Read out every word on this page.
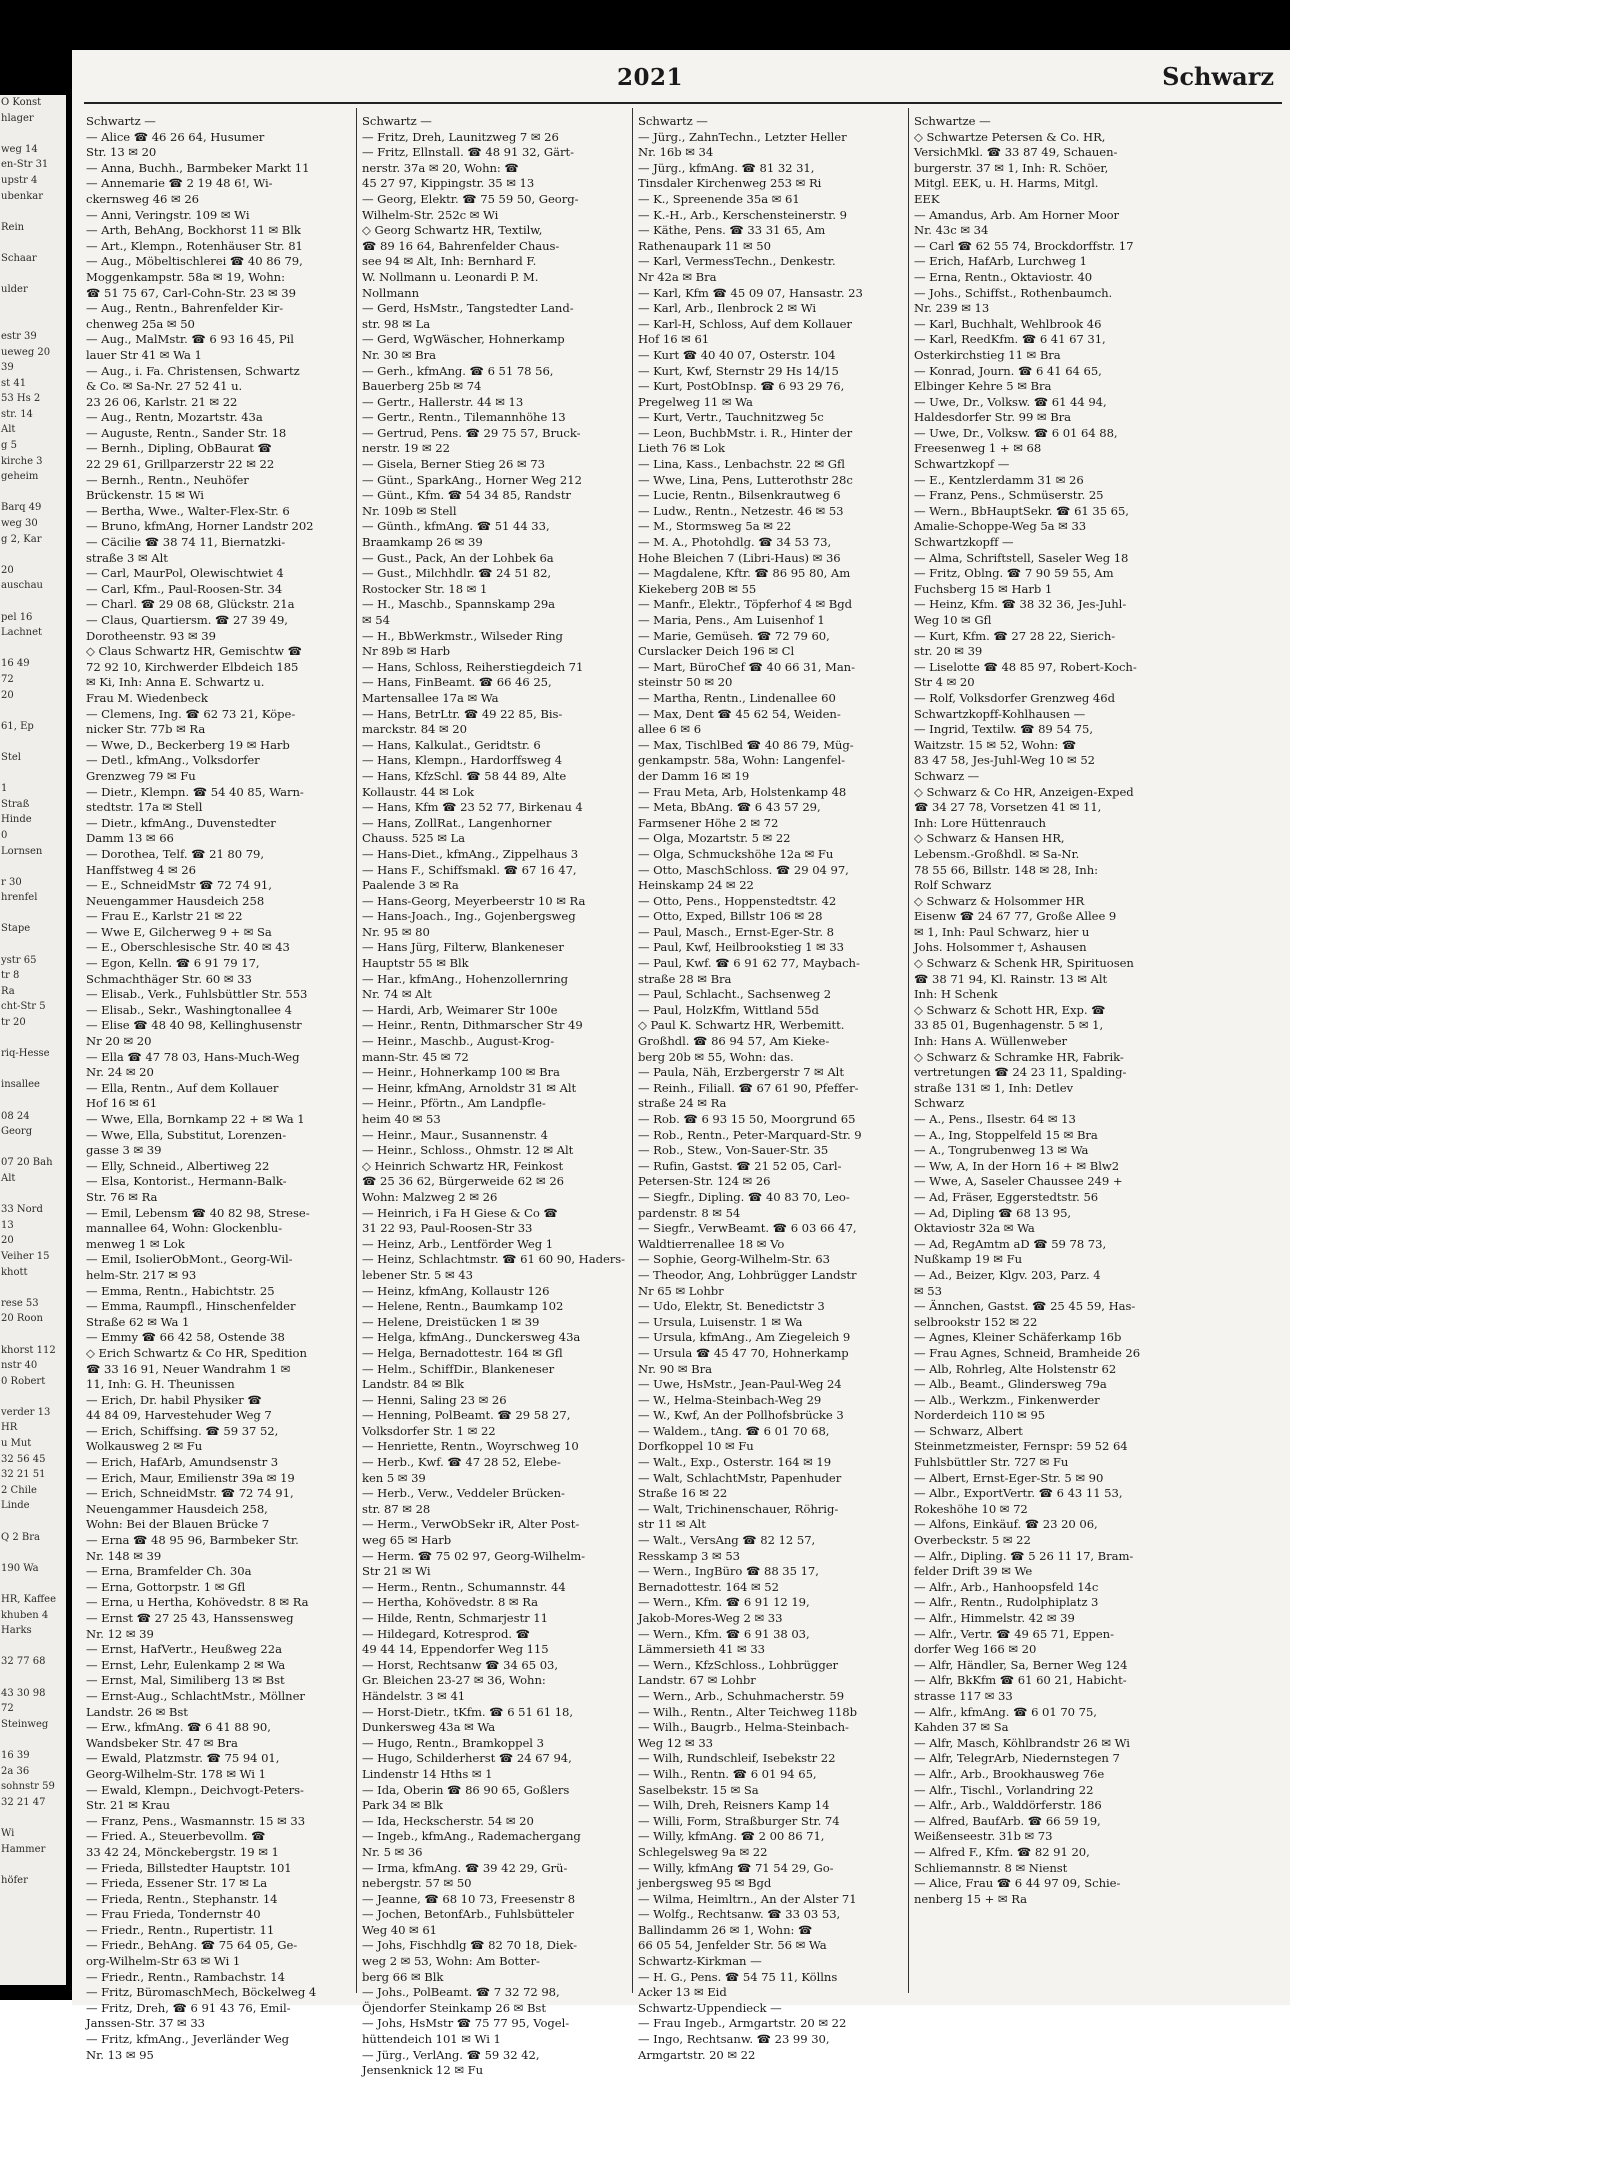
O Konst
hlager

weg 14
en-Str 31
upstr 4
ubenkar

Rein

Schaar

ulder

estr 39
ueweg 20
39
st 41
53 Hs 2
str. 14
Alt
g 5
kirche 3
geheim

Barq 49
weg 30
g 2, Kar

20
auschau

pel 16
Lachnet

16 49
72
20

61, Ep

Stel

1
Straß
Hinde
0
Lornsen

r 30
hrenfel

Stape

ystr 65
tr 8
Ra
cht-Str 5
tr 20

riq-Hesse

insallee

08 24
Georg

07 20 Bah
Alt

33 Nord
13
20
Veiher 15
khott

rese 53
20 Roon

khorst 112
nstr 40
0 Robert

verder 13
HR
u Mut
32 56 45
32 21 51
2 Chile
Linde

Q 2 Bra

190 Wa

HR, Kaffee
khuben 4
Harks

32 77 68

43 30 98
72
Steinweg

16 39
2a 36
sohnstr 59
32 21 47

Wi
Hammer

höfer
2021	Schwarz
Schwartz —
— Alice ☎ 46 26 64, Husumer
Str. 13 ✉ 20
— Anna, Buchh., Barmbeker Markt 11
— Annemarie ☎ 2 19 48 6!, Wi-
ckernsweg 46 ✉ 26
— Anni, Veringstr. 109 ✉ Wi
— Arth, BehAng, Bockhorst 11 ✉ Blk
— Art., Klempn., Rotenhäuser Str. 81
— Aug., Möbeltischlerei ☎ 40 86 79,
Moggenkampstr. 58a ✉ 19, Wohn:
☎ 51 75 67, Carl-Cohn-Str. 23 ✉ 39
— Aug., Rentn., Bahrenfelder Kir-
chenweg 25a ✉ 50
— Aug., MalMstr. ☎ 6 93 16 45, Pil
lauer Str 41 ✉ Wa 1
— Aug., i. Fa. Christensen, Schwartz
& Co. ✉ Sa-Nr. 27 52 41 u.
23 26 06, Karlstr. 21 ✉ 22
— Aug., Rentn, Mozartstr. 43a
— Auguste, Rentn., Sander Str. 18
— Bernh., Dipling, ObBaurat ☎
22 29 61, Grillparzerstr 22 ✉ 22
— Bernh., Rentn., Neuhöfer
Brückenstr. 15 ✉ Wi
— Bertha, Wwe., Walter-Flex-Str. 6
— Bruno, kfmAng, Horner Landstr 202
— Cäcilie ☎ 38 74 11, Biernatzki-
straße 3 ✉ Alt
— Carl, MaurPol, Olewischtwiet 4
— Carl, Kfm., Paul-Roosen-Str. 34
— Charl. ☎ 29 08 68, Glückstr. 21a
— Claus, Quartiersm. ☎ 27 39 49,
Dorotheenstr. 93 ✉ 39
◇ Claus Schwartz HR, Gemischtw ☎
72 92 10, Kirchwerder Elbdeich 185
✉ Ki, Inh: Anna E. Schwartz u.
Frau M. Wiedenbeck
— Clemens, Ing. ☎ 62 73 21, Köpe-
nicker Str. 77b ✉ Ra
— Wwe, D., Beckerberg 19 ✉ Harb
— Detl., kfmAng., Volksdorfer
Grenzweg 79 ✉ Fu
— Dietr., Klempn. ☎ 54 40 85, Warn-
stedtstr. 17a ✉ Stell
— Dietr., kfmAng., Duvenstedter
Damm 13 ✉ 66
— Dorothea, Telf. ☎ 21 80 79,
Hanffstweg 4 ✉ 26
— E., SchneidMstr ☎ 72 74 91,
Neuengammer Hausdeich 258
— Frau E., Karlstr 21 ✉ 22
— Wwe E, Gilcherweg 9 + ✉ Sa
— E., Oberschlesische Str. 40 ✉ 43
— Egon, Kelln. ☎ 6 91 79 17,
Schmachthäger Str. 60 ✉ 33
— Elisab., Verk., Fuhlsbüttler Str. 553
— Elisab., Sekr., Washingtonallee 4
— Elise ☎ 48 40 98, Kellinghusenstr
Nr 20 ✉ 20
— Ella ☎ 47 78 03, Hans-Much-Weg
Nr. 24 ✉ 20
— Ella, Rentn., Auf dem Kollauer
Hof 16 ✉ 61
— Wwe, Ella, Bornkamp 22 + ✉ Wa 1
— Wwe, Ella, Substitut, Lorenzen-
gasse 3 ✉ 39
— Elly, Schneid., Albertiweg 22
— Elsa, Kontorist., Hermann-Balk-
Str. 76 ✉ Ra
— Emil, Lebensm ☎ 40 82 98, Strese-
mannallee 64, Wohn: Glockenblu-
menweg 1 ✉ Lok
— Emil, IsolierObMont., Georg-Wil-
helm-Str. 217 ✉ 93
— Emma, Rentn., Habichtstr. 25
— Emma, Raumpfl., Hinschenfelder
Straße 62 ✉ Wa 1
— Emmy ☎ 66 42 58, Ostende 38
◇ Erich Schwartz & Co HR, Spedition
☎ 33 16 91, Neuer Wandrahm 1 ✉
11, Inh: G. H. Theunissen
— Erich, Dr. habil Physiker ☎
44 84 09, Harvestehuder Weg 7
— Erich, Schiffsing. ☎ 59 37 52,
Wolkausweg 2 ✉ Fu
— Erich, HafArb, Amundsenstr 3
— Erich, Maur, Emilienstr 39a ✉ 19
— Erich, SchneidMstr. ☎ 72 74 91,
Neuengammer Hausdeich 258,
Wohn: Bei der Blauen Brücke 7
— Erna ☎ 48 95 96, Barmbeker Str.
Nr. 148 ✉ 39
— Erna, Bramfelder Ch. 30a
— Erna, Gottorpstr. 1 ✉ Gfl
— Erna, u Hertha, Kohövedstr. 8 ✉ Ra
— Ernst ☎ 27 25 43, Hanssensweg
Nr. 12 ✉ 39
— Ernst, HafVertr., Heußweg 22a
— Ernst, Lehr, Eulenkamp 2 ✉ Wa
— Ernst, Mal, Similiberg 13 ✉ Bst
— Ernst-Aug., SchlachtMstr., Möllner
Landstr. 26 ✉ Bst
— Erw., kfmAng. ☎ 6 41 88 90,
Wandsbeker Str. 47 ✉ Bra
— Ewald, Platzmstr. ☎ 75 94 01,
Georg-Wilhelm-Str. 178 ✉ Wi 1
— Ewald, Klempn., Deichvogt-Peters-
Str. 21 ✉ Krau
— Franz, Pens., Wasmannstr. 15 ✉ 33
— Fried. A., Steuerbevollm. ☎
33 42 24, Mönckebergstr. 19 ✉ 1
— Frieda, Billstedter Hauptstr. 101
— Frieda, Essener Str. 17 ✉ La
— Frieda, Rentn., Stephanstr. 14
— Frau Frieda, Tondernstr 40
— Friedr., Rentn., Rupertistr. 11
— Friedr., BehAng. ☎ 75 64 05, Ge-
org-Wilhelm-Str 63 ✉ Wi 1
— Friedr., Rentn., Rambachstr. 14
— Fritz, BüromaschMech, Böckelweg 4
— Fritz, Dreh, ☎ 6 91 43 76, Emil-
Janssen-Str. 37 ✉ 33
— Fritz, kfmAng., Jeverländer Weg
Nr. 13 ✉ 95
Schwartz —
— Fritz, Dreh, Launitzweg 7 ✉ 26
— Fritz, Ellnstall. ☎ 48 91 32, Gärt-
nerstr. 37a ✉ 20, Wohn: ☎
45 27 97, Kippingstr. 35 ✉ 13
— Georg, Elektr. ☎ 75 59 50, Georg-
Wilhelm-Str. 252c ✉ Wi
◇ Georg Schwartz HR, Textilw,
☎ 89 16 64, Bahrenfelder Chaus-
see 94 ✉ Alt, Inh: Bernhard F.
W. Nollmann u. Leonardi P. M.
Nollmann
— Gerd, HsMstr., Tangstedter Land-
str. 98 ✉ La
— Gerd, WgWäscher, Hohnerkamp
Nr. 30 ✉ Bra
— Gerh., kfmAng. ☎ 6 51 78 56,
Bauerberg 25b ✉ 74
— Gertr., Hallerstr. 44 ✉ 13
— Gertr., Rentn., Tilemannhöhe 13
— Gertrud, Pens. ☎ 29 75 57, Bruck-
nerstr. 19 ✉ 22
— Gisela, Berner Stieg 26 ✉ 73
— Günt., SparkAng., Horner Weg 212
— Günt., Kfm. ☎ 54 34 85, Randstr
Nr. 109b ✉ Stell
— Günth., kfmAng. ☎ 51 44 33,
Braamkamp 26 ✉ 39
— Gust., Pack, An der Lohbek 6a
— Gust., Milchhdlr. ☎ 24 51 82,
Rostocker Str. 18 ✉ 1
— H., Maschb., Spannskamp 29a
✉ 54
— H., BbWerkmstr., Wilseder Ring
Nr 89b ✉ Harb
— Hans, Schloss, Reiherstiegdeich 71
— Hans, FinBeamt. ☎ 66 46 25,
Martensallee 17a ✉ Wa
— Hans, BetrLtr. ☎ 49 22 85, Bis-
marckstr. 84 ✉ 20
— Hans, Kalkulat., Geridtstr. 6
— Hans, Klempn., Hardorffsweg 4
— Hans, KfzSchl. ☎ 58 44 89, Alte
Kollaustr. 44 ✉ Lok
— Hans, Kfm ☎ 23 52 77, Birkenau 4
— Hans, ZollRat., Langenhorner
Chauss. 525 ✉ La
— Hans-Diet., kfmAng., Zippelhaus 3
— Hans F., Schiffsmakl. ☎ 67 16 47,
Paalende 3 ✉ Ra
— Hans-Georg, Meyerbeerstr 10 ✉ Ra
— Hans-Joach., Ing., Gojenbergsweg
Nr. 95 ✉ 80
— Hans Jürg, Filterw, Blankeneser
Hauptstr 55 ✉ Blk
— Har., kfmAng., Hohenzollernring
Nr. 74 ✉ Alt
— Hardi, Arb, Weimarer Str 100e
— Heinr., Rentn, Dithmarscher Str 49
— Heinr., Maschb., August-Krog-
mann-Str. 45 ✉ 72
— Heinr., Hohnerkamp 100 ✉ Bra
— Heinr, kfmAng, Arnoldstr 31 ✉ Alt
— Heinr., Pförtn., Am Landpfle-
heim 40 ✉ 53
— Heinr., Maur., Susannenstr. 4
— Heinr., Schloss., Ohmstr. 12 ✉ Alt
◇ Heinrich Schwartz HR, Feinkost
☎ 25 36 62, Bürgerweide 62 ✉ 26
Wohn: Malzweg 2 ✉ 26
— Heinrich, i Fa H Giese & Co ☎
31 22 93, Paul-Roosen-Str 33
— Heinz, Arb., Lentförder Weg 1
— Heinz, Schlachtmstr. ☎ 61 60 90, Haders-
lebener Str. 5 ✉ 43
— Heinz, kfmAng, Kollaustr 126
— Helene, Rentn., Baumkamp 102
— Helene, Dreistücken 1 ✉ 39
— Helga, kfmAng., Dunckersweg 43a
— Helga, Bernadottestr. 164 ✉ Gfl
— Helm., SchiffDir., Blankeneser
Landstr. 84 ✉ Blk
— Henni, Saling 23 ✉ 26
— Henning, PolBeamt. ☎ 29 58 27,
Volksdorfer Str. 1 ✉ 22
— Henriette, Rentn., Woyrschweg 10
— Herb., Kwf. ☎ 47 28 52, Elebe-
ken 5 ✉ 39
— Herb., Verw., Veddeler Brücken-
str. 87 ✉ 28
— Herm., VerwObSekr iR, Alter Post-
weg 65 ✉ Harb
— Herm. ☎ 75 02 97, Georg-Wilhelm-
Str 21 ✉ Wi
— Herm., Rentn., Schumannstr. 44
— Hertha, Kohövedstr. 8 ✉ Ra
— Hilde, Rentn, Schmarjestr 11
— Hildegard, Kotresprod. ☎
49 44 14, Eppendorfer Weg 115
— Horst, Rechtsanw ☎ 34 65 03,
Gr. Bleichen 23-27 ✉ 36, Wohn:
Händelstr. 3 ✉ 41
— Horst-Dietr., tKfm. ☎ 6 51 61 18,
Dunkersweg 43a ✉ Wa
— Hugo, Rentn., Bramkoppel 3
— Hugo, Schilderherst ☎ 24 67 94,
Lindenstr 14 Hths ✉ 1
— Ida, Oberin ☎ 86 90 65, Goßlers
Park 34 ✉ Blk
— Ida, Heckscherstr. 54 ✉ 20
— Ingeb., kfmAng., Rademachergang
Nr. 5 ✉ 36
— Irma, kfmAng. ☎ 39 42 29, Grü-
nebergstr. 57 ✉ 50
— Jeanne, ☎ 68 10 73, Freesenstr 8
— Jochen, BetonfArb., Fuhlsbütteler
Weg 40 ✉ 61
— Johs, Fischhdlg ☎ 82 70 18, Diek-
weg 2 ✉ 53, Wohn: Am Botter-
berg 66 ✉ Blk
— Johs., PolBeamt. ☎ 7 32 72 98,
Öjendorfer Steinkamp 26 ✉ Bst
— Johs, HsMstr ☎ 75 77 95, Vogel-
hüttendeich 101 ✉ Wi 1
— Jürg., VerlAng. ☎ 59 32 42,
Jensenknick 12 ✉ Fu
Schwartz —
— Jürg., ZahnTechn., Letzter Heller
Nr. 16b ✉ 34
— Jürg., kfmAng. ☎ 81 32 31,
Tinsdaler Kirchenweg 253 ✉ Ri
— K., Spreenende 35a ✉ 61
— K.-H., Arb., Kerschensteinerstr. 9
— Käthe, Pens. ☎ 33 31 65, Am
Rathenaupark 11 ✉ 50
— Karl, VermessTechn., Denkestr.
Nr 42a ✉ Bra
— Karl, Kfm ☎ 45 09 07, Hansastr. 23
— Karl, Arb., Ilenbrock 2 ✉ Wi
— Karl-H, Schloss, Auf dem Kollauer
Hof 16 ✉ 61
— Kurt ☎ 40 40 07, Osterstr. 104
— Kurt, Kwf, Sternstr 29 Hs 14/15
— Kurt, PostObInsp. ☎ 6 93 29 76,
Pregelweg 11 ✉ Wa
— Kurt, Vertr., Tauchnitzweg 5c
— Leon, BuchbMstr. i. R., Hinter der
Lieth 76 ✉ Lok
— Lina, Kass., Lenbachstr. 22 ✉ Gfl
— Wwe, Lina, Pens, Lutterothstr 28c
— Lucie, Rentn., Bilsenkrautweg 6
— Ludw., Rentn., Netzestr. 46 ✉ 53
— M., Stormsweg 5a ✉ 22
— M. A., Photohdlg. ☎ 34 53 73,
Hohe Bleichen 7 (Libri-Haus) ✉ 36
— Magdalene, Kftr. ☎ 86 95 80, Am
Kiekeberg 20B ✉ 55
— Manfr., Elektr., Töpferhof 4 ✉ Bgd
— Maria, Pens., Am Luisenhof 1
— Marie, Gemüseh. ☎ 72 79 60,
Curslacker Deich 196 ✉ Cl
— Mart, BüroChef ☎ 40 66 31, Man-
steinstr 50 ✉ 20
— Martha, Rentn., Lindenallee 60
— Max, Dent ☎ 45 62 54, Weiden-
allee 6 ✉ 6
— Max, TischlBed ☎ 40 86 79, Müg-
genkampstr. 58a, Wohn: Langenfel-
der Damm 16 ✉ 19
— Frau Meta, Arb, Holstenkamp 48
— Meta, BbAng. ☎ 6 43 57 29,
Farmsener Höhe 2 ✉ 72
— Olga, Mozartstr. 5 ✉ 22
— Olga, Schmuckshöhe 12a ✉ Fu
— Otto, MaschSchloss. ☎ 29 04 97,
Heinskamp 24 ✉ 22
— Otto, Pens., Hoppenstedtstr. 42
— Otto, Exped, Billstr 106 ✉ 28
— Paul, Masch., Ernst-Eger-Str. 8
— Paul, Kwf, Heilbrookstieg 1 ✉ 33
— Paul, Kwf. ☎ 6 91 62 77, Maybach-
straße 28 ✉ Bra
— Paul, Schlacht., Sachsenweg 2
— Paul, HolzKfm, Wittland 55d
◇ Paul K. Schwartz HR, Werbemitt.
Großhdl. ☎ 86 94 57, Am Kieke-
berg 20b ✉ 55, Wohn: das.
— Paula, Näh, Erzbergerstr 7 ✉ Alt
— Reinh., Filiall. ☎ 67 61 90, Pfeffer-
straße 24 ✉ Ra
— Rob. ☎ 6 93 15 50, Moorgrund 65
— Rob., Rentn., Peter-Marquard-Str. 9
— Rob., Stew., Von-Sauer-Str. 35
— Rufin, Gastst. ☎ 21 52 05, Carl-
Petersen-Str. 124 ✉ 26
— Siegfr., Dipling. ☎ 40 83 70, Leo-
pardenstr. 8 ✉ 54
— Siegfr., VerwBeamt. ☎ 6 03 66 47,
Waldtierrenallee 18 ✉ Vo
— Sophie, Georg-Wilhelm-Str. 63
— Theodor, Ang, Lohbrügger Landstr
Nr 65 ✉ Lohbr
— Udo, Elektr, St. Benedictstr 3
— Ursula, Luisenstr. 1 ✉ Wa
— Ursula, kfmAng., Am Ziegeleich 9
— Ursula ☎ 45 47 70, Hohnerkamp
Nr. 90 ✉ Bra
— Uwe, HsMstr., Jean-Paul-Weg 24
— W., Helma-Steinbach-Weg 29
— W., Kwf, An der Pollhofsbrücke 3
— Waldem., tAng. ☎ 6 01 70 68,
Dorfkoppel 10 ✉ Fu
— Walt., Exp., Osterstr. 164 ✉ 19
— Walt, SchlachtMstr, Papenhuder
Straße 16 ✉ 22
— Walt, Trichinenschauer, Röhrig-
str 11 ✉ Alt
— Walt., VersAng ☎ 82 12 57,
Resskamp 3 ✉ 53
— Wern., IngBüro ☎ 88 35 17,
Bernadottestr. 164 ✉ 52
— Wern., Kfm. ☎ 6 91 12 19,
Jakob-Mores-Weg 2 ✉ 33
— Wern., Kfm. ☎ 6 91 38 03,
Lämmersieth 41 ✉ 33
— Wern., KfzSchloss., Lohbrügger
Landstr. 67 ✉ Lohbr
— Wern., Arb., Schuhmacherstr. 59
— Wilh., Rentn., Alter Teichweg 118b
— Wilh., Baugrb., Helma-Steinbach-
Weg 12 ✉ 33
— Wilh, Rundschleif, Isebekstr 22
— Wilh., Rentn. ☎ 6 01 94 65,
Saselbekstr. 15 ✉ Sa
— Wilh, Dreh, Reisners Kamp 14
— Willi, Form, Straßburger Str. 74
— Willy, kfmAng. ☎ 2 00 86 71,
Schlegelsweg 9a ✉ 22
— Willy, kfmAng ☎ 71 54 29, Go-
jenbergsweg 95 ✉ Bgd
— Wilma, Heimltrn., An der Alster 71
— Wolfg., Rechtsanw. ☎ 33 03 53,
Ballindamm 26 ✉ 1, Wohn: ☎
66 05 54, Jenfelder Str. 56 ✉ Wa
Schwartz-Kirkman —
— H. G., Pens. ☎ 54 75 11, Köllns
Acker 13 ✉ Eid
Schwartz-Uppendieck —
— Frau Ingeb., Armgartstr. 20 ✉ 22
— Ingo, Rechtsanw. ☎ 23 99 30,
Armgartstr. 20 ✉ 22
Schwartze —
◇ Schwartze Petersen & Co. HR,
VersichMkl. ☎ 33 87 49, Schauen-
burgerstr. 37 ✉ 1, Inh: R. Schöer,
Mitgl. EEK, u. H. Harms, Mitgl.
EEK
— Amandus, Arb. Am Horner Moor
Nr. 43c ✉ 34
— Carl ☎ 62 55 74, Brockdorffstr. 17
— Erich, HafArb, Lurchweg 1
— Erna, Rentn., Oktaviostr. 40
— Johs., Schiffst., Rothenbaumch.
Nr. 239 ✉ 13
— Karl, Buchhalt, Wehlbrook 46
— Karl, ReedKfm. ☎ 6 41 67 31,
Osterkirchstieg 11 ✉ Bra
— Konrad, Journ. ☎ 6 41 64 65,
Elbinger Kehre 5 ✉ Bra
— Uwe, Dr., Volksw. ☎ 61 44 94,
Haldesdorfer Str. 99 ✉ Bra
— Uwe, Dr., Volksw. ☎ 6 01 64 88,
Freesenweg 1 + ✉ 68
Schwartzkopf —
— E., Kentzlerdamm 31 ✉ 26
— Franz, Pens., Schmüserstr. 25
— Wern., BbHauptSekr. ☎ 61 35 65,
Amalie-Schoppe-Weg 5a ✉ 33
Schwartzkopff —
— Alma, Schriftstell, Saseler Weg 18
— Fritz, Oblng. ☎ 7 90 59 55, Am
Fuchsberg 15 ✉ Harb 1
— Heinz, Kfm. ☎ 38 32 36, Jes-Juhl-
Weg 10 ✉ Gfl
— Kurt, Kfm. ☎ 27 28 22, Sierich-
str. 20 ✉ 39
— Liselotte ☎ 48 85 97, Robert-Koch-
Str 4 ✉ 20
— Rolf, Volksdorfer Grenzweg 46d
Schwartzkopff-Kohlhausen —
— Ingrid, Textilw. ☎ 89 54 75,
Waitzstr. 15 ✉ 52, Wohn: ☎
83 47 58, Jes-Juhl-Weg 10 ✉ 52
Schwarz —
◇ Schwarz & Co HR, Anzeigen-Exped
☎ 34 27 78, Vorsetzen 41 ✉ 11,
Inh: Lore Hüttenrauch
◇ Schwarz & Hansen HR,
Lebensm.-Großhdl. ✉ Sa-Nr.
78 55 66, Billstr. 148 ✉ 28, Inh:
Rolf Schwarz
◇ Schwarz & Holsommer HR
Eisenw ☎ 24 67 77, Große Allee 9
✉ 1, Inh: Paul Schwarz, hier u
Johs. Holsommer †, Ashausen
◇ Schwarz & Schenk HR, Spirituosen
☎ 38 71 94, Kl. Rainstr. 13 ✉ Alt
Inh: H Schenk
◇ Schwarz & Schott HR, Exp. ☎
33 85 01, Bugenhagenstr. 5 ✉ 1,
Inh: Hans A. Wüllenweber
◇ Schwarz & Schramke HR, Fabrik-
vertretungen ☎ 24 23 11, Spalding-
straße 131 ✉ 1, Inh: Detlev
Schwarz
— A., Pens., Ilsestr. 64 ✉ 13
— A., Ing, Stoppelfeld 15 ✉ Bra
— A., Tongrubenweg 13 ✉ Wa
— Ww, A, In der Horn 16 + ✉ Blw2
— Wwe, A, Saseler Chaussee 249 +
— Ad, Fräser, Eggerstedtstr. 56
— Ad, Dipling ☎ 68 13 95,
Oktaviostr 32a ✉ Wa
— Ad, RegAmtm aD ☎ 59 78 73,
Nußkamp 19 ✉ Fu
— Ad., Beizer, Klgv. 203, Parz. 4
✉ 53
— Ännchen, Gastst. ☎ 25 45 59, Has-
selbrookstr 152 ✉ 22
— Agnes, Kleiner Schäferkamp 16b
— Frau Agnes, Schneid, Bramheide 26
— Alb, Rohrleg, Alte Holstenstr 62
— Alb., Beamt., Glindersweg 79a
— Alb., Werkzm., Finkenwerder
Norderdeich 110 ✉ 95
— Schwarz, Albert
Steinmetzmeister, Fernspr: 59 52 64
Fuhlsbüttler Str. 727 ✉ Fu
— Albert, Ernst-Eger-Str. 5 ✉ 90
— Albr., ExportVertr. ☎ 6 43 11 53,
Rokeshöhe 10 ✉ 72
— Alfons, Einkäuf. ☎ 23 20 06,
Overbeckstr. 5 ✉ 22
— Alfr., Dipling. ☎ 5 26 11 17, Bram-
felder Drift 39 ✉ We
— Alfr., Arb., Hanhoopsfeld 14c
— Alfr., Rentn., Rudolphiplatz 3
— Alfr., Himmelstr. 42 ✉ 39
— Alfr., Vertr. ☎ 49 65 71, Eppen-
dorfer Weg 166 ✉ 20
— Alfr, Händler, Sa, Berner Weg 124
— Alfr, BkKfm ☎ 61 60 21, Habicht-
strasse 117 ✉ 33
— Alfr., kfmAng. ☎ 6 01 70 75,
Kahden 37 ✉ Sa
— Alfr, Masch, Köhlbrandstr 26 ✉ Wi
— Alfr, TelegrArb, Niedernstegen 7
— Alfr., Arb., Brookhausweg 76e
— Alfr., Tischl., Vorlandring 22
— Alfr., Arb., Walddörferstr. 186
— Alfred, BaufArb. ☎ 66 59 19,
Weißenseestr. 31b ✉ 73
— Alfred F., Kfm. ☎ 82 91 20,
Schliemannstr. 8 ✉ Nienst
— Alice, Frau ☎ 6 44 97 09, Schie-
nenberg 15 + ✉ Ra
